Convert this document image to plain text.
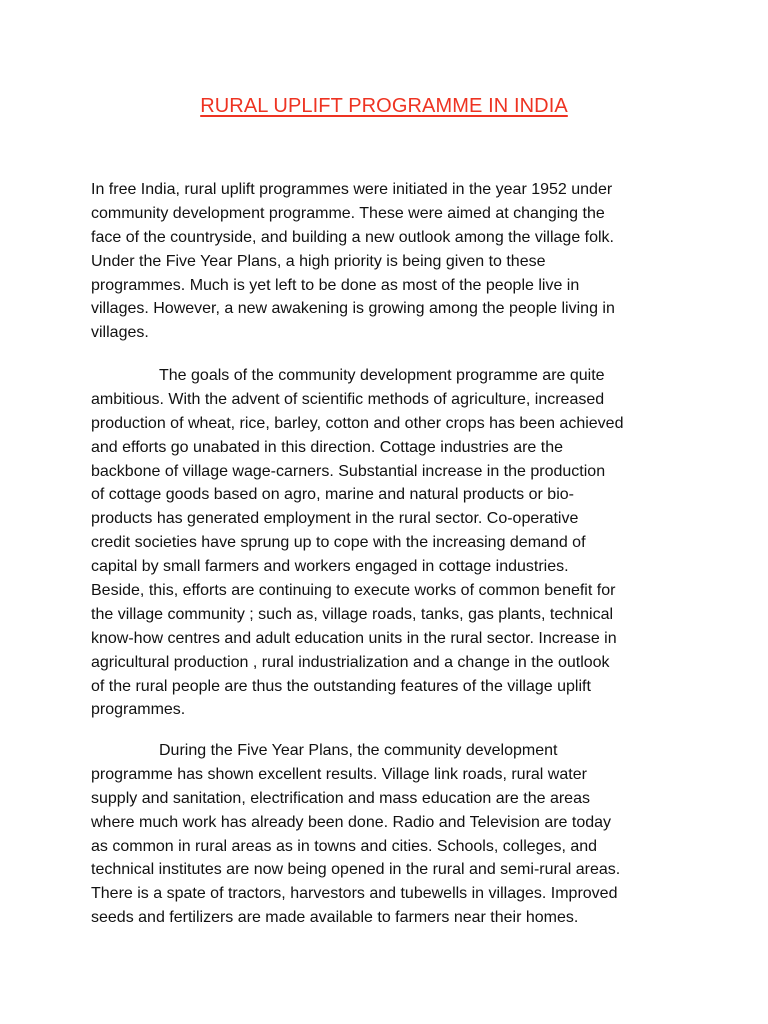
RURAL UPLIFT PROGRAMME IN INDIA

In free India, rural uplift programmes were initiated in the year 1952 under
community development programme. These were aimed at changing the
face of the countryside, and building a new outlook among the village folk.
Under the Five Year Plans, a high priority is being given to these
programmes. Much is yet left to be done as most of the people live in
villages. However, a new awakening is growing among the people living in
villages.

The goals of the community development programme are quite
ambitious. With the advent of scientific methods of agriculture, increased
production of wheat, rice, barley, cotton and other crops has been achieved
and efforts go unabated in this direction. Cottage industries are the
backbone of village wage-carners. Substantial increase in the production
of cottage goods based on agro, marine and natural products or bio-
products has generated employment in the rural sector. Co-operative
credit societies have sprung up to cope with the increasing demand of
capital by small farmers and workers engaged in cottage industries.
Beside, this, efforts are continuing to execute works of common benefit for
the village community ; such as, village roads, tanks, gas plants, technical
know-how centres and adult education units in the rural sector. Increase in
agricultural production , rural industrialization and a change in the outlook
of the rural people are thus the outstanding features of the village uplift
programmes.

During the Five Year Plans, the community development
programme has shown excellent results. Village link roads, rural water
supply and sanitation, electrification and mass education are the areas
where much work has already been done. Radio and Television are today
as common in rural areas as in towns and cities. Schools, colleges, and
technical institutes are now being opened in the rural and semi-rural areas.
There is a spate of tractors, harvestors and tubewells in villages. Improved
seeds and fertilizers are made available to farmers near their homes.
